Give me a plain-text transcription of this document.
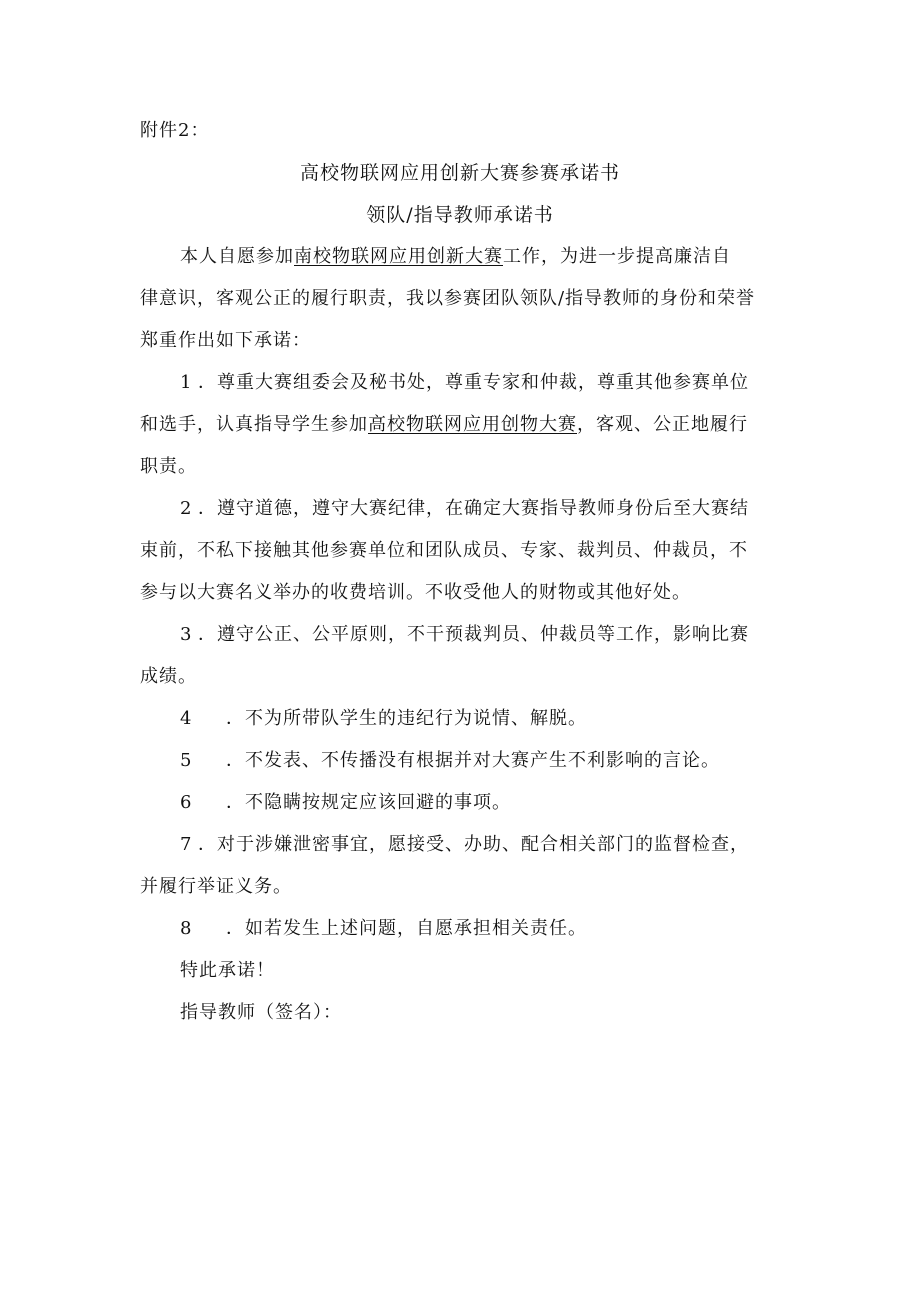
附件2：
高校物联网应用创新大赛参赛承诺书
领队/指导教师承诺书
本人自愿参加南校物联网应用创新大赛工作，为进一步提高廉洁自
律意识，客观公正的履行职责，我以参赛团队领队/指导教师的身份和荣誉
郑重作出如下承诺：
1 ．尊重大赛组委会及秘书处，尊重专家和仲裁，尊重其他参赛单位
和选手，认真指导学生参加高校物联网应用创物大赛，客观、公正地履行
职责。
2 ．遵守道德，遵守大赛纪律，在确定大赛指导教师身份后至大赛结
束前，不私下接触其他参赛单位和团队成员、专家、裁判员、仲裁员，不
参与以大赛名义举办的收费培训。不收受他人的财物或其他好处。
3 ．遵守公正、公平原则，不干预裁判员、仲裁员等工作，影响比赛
成绩。
4 ．不为所带队学生的违纪行为说情、解脱。
5 ．不发表、不传播没有根据并对大赛产生不利影响的言论。
6 ．不隐瞒按规定应该回避的事项。
7 ．对于涉嫌泄密事宜，愿接受、办助、配合相关部门的监督检查，
并履行举证义务。
8 ．如若发生上述问题，自愿承担相关责任。
特此承诺！
指导教师（签名）：
